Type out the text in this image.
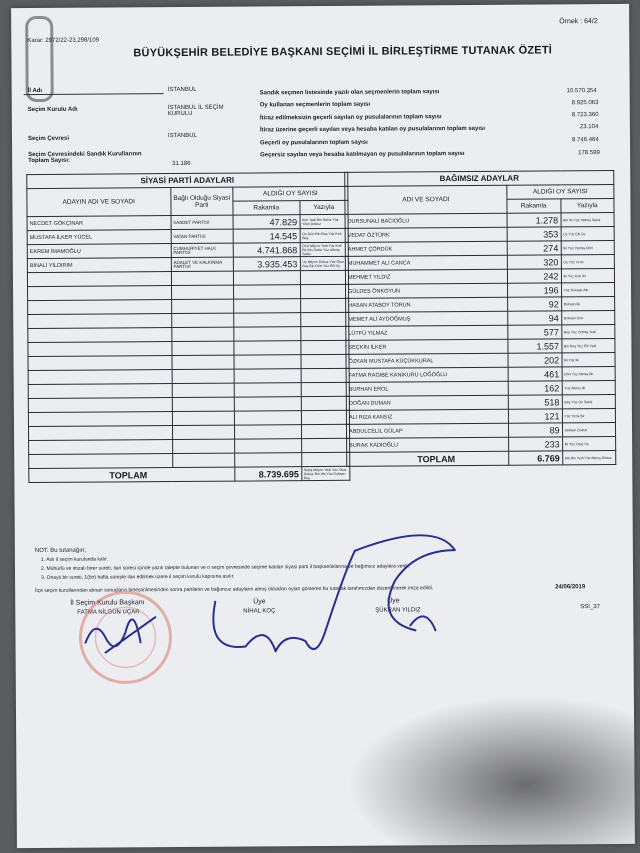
Karar: 2972/22-23,298/109
Örnek : 64/2
BÜYÜKŞEHİR BELEDİYE BAŞKANI SEÇİMİ İL BİRLEŞTİRME TUTANAK ÖZETİ
İl Adı	İSTANBUL
Seçim Kurulu Adı	İSTANBUL İL SEÇİM KURULU
Seçim Çevresi	İSTANBUL
Seçim Çevresindeki Sandık Kurullarının Toplam Sayısı:	31.186
Sandık seçmen listesinde yazılı olan seçmenlerin toplam sayısı	10.570.354
Oy kullanan seçmenlerin toplam sayısı	8.925.063
İtiraz edilmeksizin geçerli sayılan oy pusulalarının toplam sayısı	8.723.360
İtiraz üzerine geçerli sayılan veya hesaba katılan oy pusulalarının toplam sayısı	23.104
Geçerli oy pusulalarının toplam sayısı	8.746.464
Geçersiz sayılan veya hesaba katılmayan oy pusulalarının toplam sayısı	178.599
SİYASİ PARTİ ADAYLARI			
ADAYIN ADI VE SOYADI	Bağlı Olduğu Siyasi Parti	ALDIĞI OY SAYISI	
		Rakamla	Yazıyla
NECDET GÖKÇINAR	SAADET PARTİSİ	47.829	Kırk Yedi Bin Sekiz Yüz Yirmi Dokuz
MUSTAFA İLKER YÜCEL	VATAN PARTİSİ	14.545	On Dört Bin Beş Yüz Kırk Beş
EKREM İMAMOĞLU	CUMHURİYET HALK PARTİSİ	4.741.868	Dört Milyon Yedi Yüz Kırk Bir Bin Sekiz Yüz Altmış Sekiz
BİNALİ YILDIRIM	ADALET VE KALKINMA PARTİSİ	3.935.453	Üç Milyon Dokuz Yüz Otuz Beş Bin Dört Yüz Elli Üç

TOPLAM		8.739.695	Sekiz Milyon Yedi Yüz Otuz Dokuz Bin Altı Yüz Doksan Beş
BAĞIMSIZ ADAYLAR		
ADI VE SOYADI	ALDIĞI OY SAYISI	
	Rakamla	Yazıyla
DURSUNALİ BACIOĞLU	1.278	Bin İki Yüz Yetmiş Sekiz
VEDAT ÖZTÜRK	353	Üç Yüz Elli Üç
AHMET ÇÖRDÜK	274	İki Yüz Yetmiş Dört
MUHAMMET ALİ CANCA	320	Üç Yüz Yirmi
MEHMET YILDIZ	242	İki Yüz Kırk İki
GÜLDES ÖNKOYUN	196	Yüz Doksan Altı
HASAN ATABOY TORUN	92	Doksan İki
MEMET ALİ AYDOĞMUŞ	94	Doksan Dört
LÜTFÜ YILMAZ	577	Beş Yüz Yetmiş Yedi
SEÇKİN İLKER	1.557	Bin Beş Yüz Elli Yedi
ÖZKAN MUSTAFA KÜÇÜKKURAL	202	İki Yüz İki
FATMA RAGIBE KANIKURU LOĞOĞLU	461	Dört Yüz Altmış Bir
BURHAN EROL	162	Yüz Altmış İki
DOĞAN DUMAN	518	Beş Yüz On Sekiz
ALİ RIZA KANSIZ	121	Yüz Yirmi Bir
ABDULCELİL GÜLAP	89	Seksen Dokuz
BURAK KADIOĞLU	233	İki Yüz Otuz Üç
TOPLAM	6.769	Altı Bin Yedi Yüz Altmış Dokuz
NOT: Bu tutanağın;
1. Aslı il seçim kurulunda kalır.
2. Mühürlü ve imzalı birer sureti, ilan süresi içinde yazılı talepte bulunan ve o seçim çevresinde seçime katılan siyasi parti il başkanlıklarına ve bağımsız adaylara verilir.
3. Onaylı bir sureti, 1(bir) hafta süreyle ilan edilmek üzere il seçim kurulu kapısına asılır.
İlçe seçim kurullarından alınan sonuçların birleştirilmesinden sonra partilerin ve bağımsız adayların almış oldukları oyları gösteren bu tutanak tarafımızdan düzenlenerek imza edildi.	24/06/2019
SSI_37
İl Seçim Kurulu Başkanı
FATMA NİLGÜN UÇAR
Üye
NİHAL KOÇ
Üye
ŞÜKRAN YILDIZ
